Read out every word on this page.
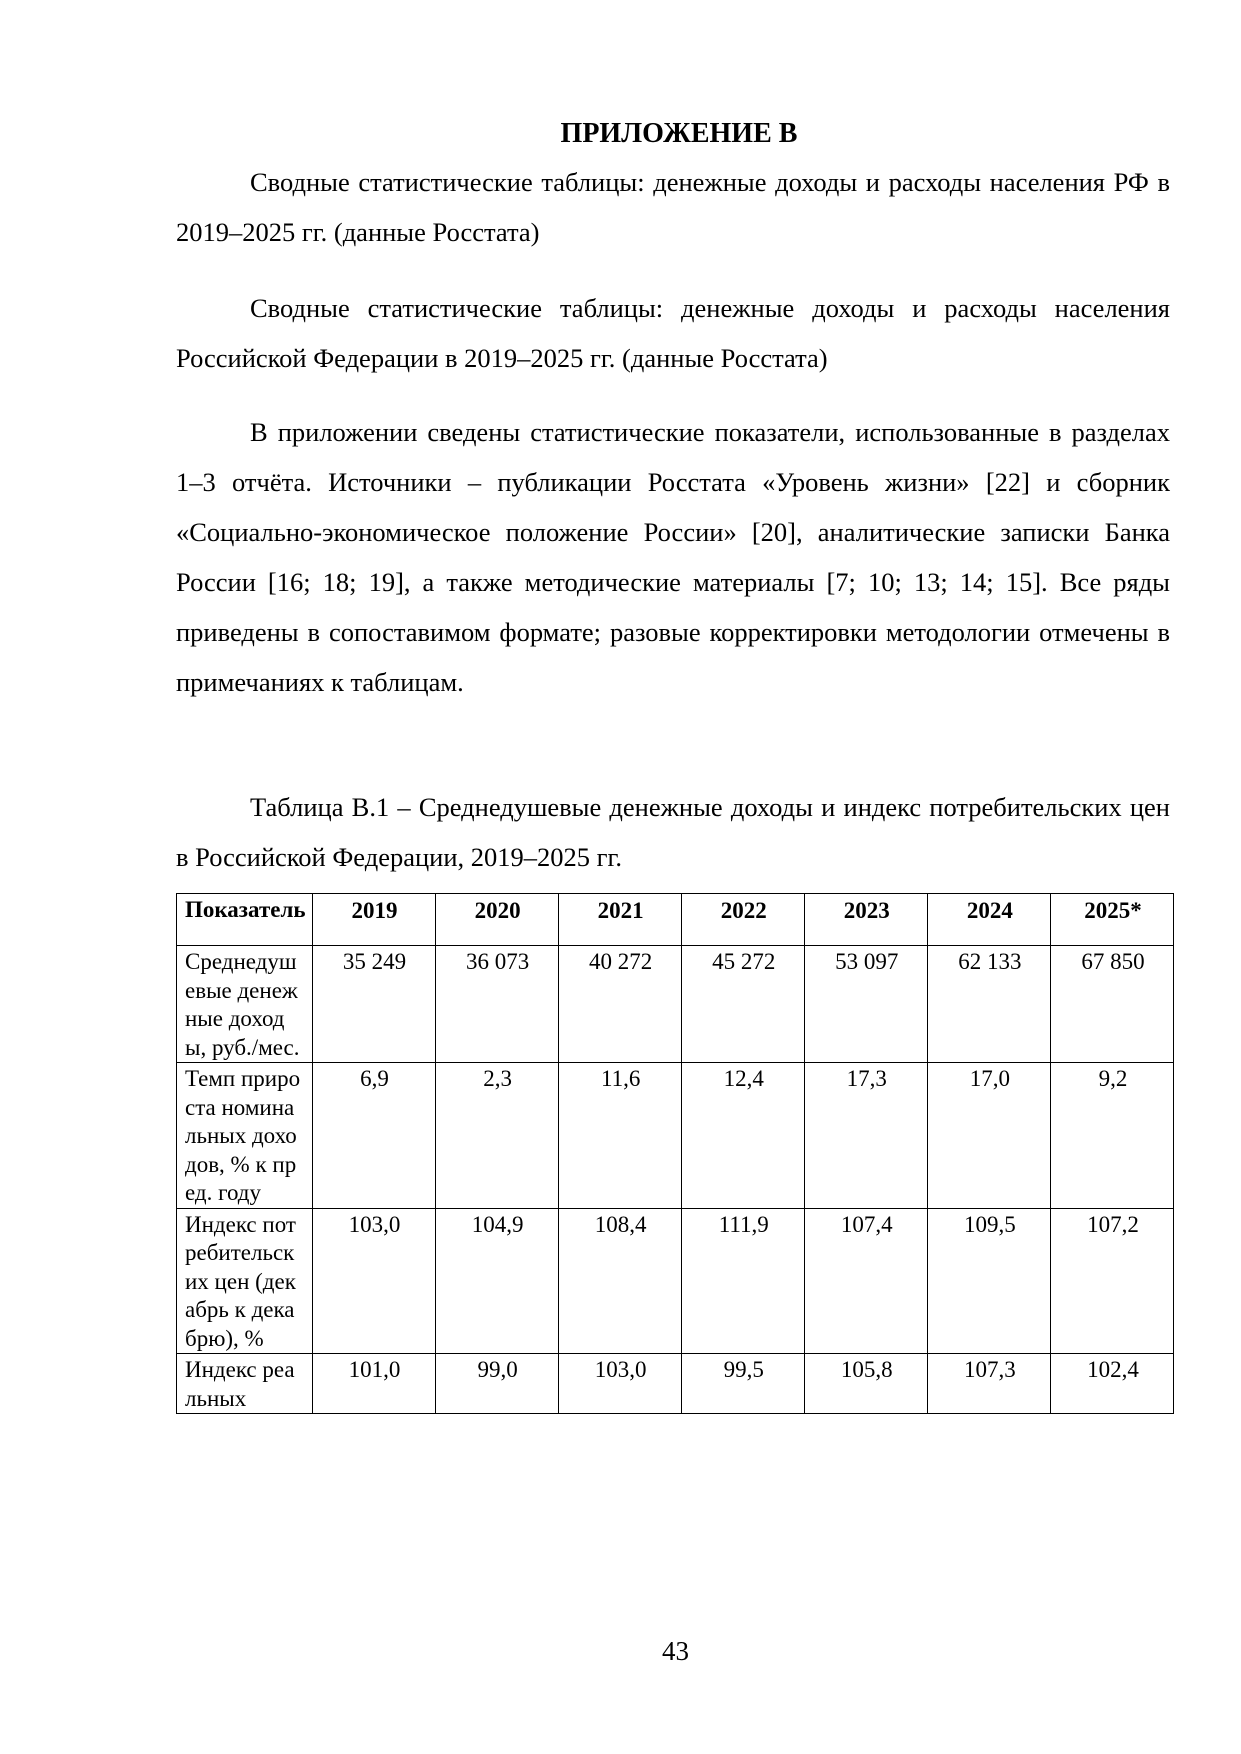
ПРИЛОЖЕНИЕ В

Сводные статистические таблицы: денежные доходы и расходы населения РФ в 2019–2025 гг. (данные Росстата)

Сводные статистические таблицы: денежные доходы и расходы населения Российской Федерации в 2019–2025 гг. (данные Росстата)

В приложении сведены статистические показатели, использованные в разделах 1–3 отчёта. Источники – публикации Росстата «Уровень жизни» [22] и сборник «Социально-экономическое положение России» [20], аналитические записки Банка России [16; 18; 19], а также методические материалы [7; 10; 13; 14; 15]. Все ряды приведены в сопоставимом формате; разовые корректировки методологии отмечены в примечаниях к таблицам.

Таблица В.1 – Среднедушевые денежные доходы и индекс потребительских цен в Российской Федерации, 2019–2025 гг.

Показатель	2019	2020	2021	2022	2023	2024	2025*
Среднедушевые денежные доходы, руб./мес.	35 249	36 073	40 272	45 272	53 097	62 133	67 850
Темп прироста номинальных доходов, % к пред. году	6,9	2,3	11,6	12,4	17,3	17,0	9,2
Индекс потребительских цен (декабрь к декабрю), %	103,0	104,9	108,4	111,9	107,4	109,5	107,2
Индекс реальных	101,0	99,0	103,0	99,5	105,8	107,3	102,4
43
